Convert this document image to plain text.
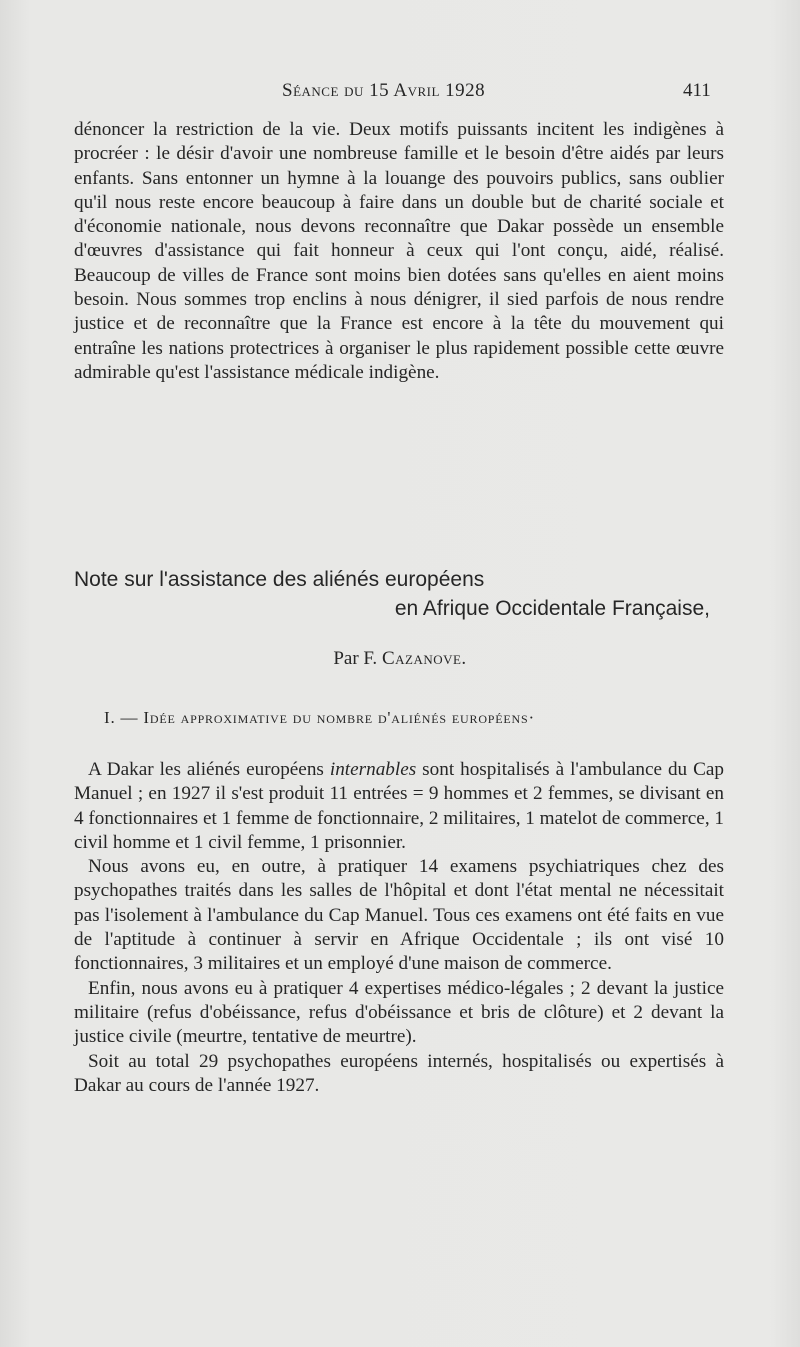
Séance du 15 Avril 1928	411

dénoncer la restriction de la vie. Deux motifs puissants incitent les indigènes à procréer : le désir d'avoir une nombreuse famille et le besoin d'être aidés par leurs enfants. Sans entonner un hymne à la louange des pouvoirs publics, sans oublier qu'il nous reste encore beaucoup à faire dans un double but de charité sociale et d'économie nationale, nous devons reconnaître que Dakar possède un ensemble d'œuvres d'assistance qui fait honneur à ceux qui l'ont conçu, aidé, réalisé. Beaucoup de villes de France sont moins bien dotées sans qu'elles en aient moins besoin. Nous sommes trop enclins à nous dénigrer, il sied parfois de nous rendre justice et de reconnaître que la France est encore à la tête du mouvement qui entraîne les nations protectrices à organiser le plus rapidement possible cette œuvre admirable qu'est l'assistance médicale indigène.

Note sur l'assistance des aliénés européens
en Afrique Occidentale Française,
Par F. Cazanove.
I. — Idée approximative du nombre d'aliénés européens·

A Dakar les aliénés européens internables sont hospitalisés à l'ambulance du Cap Manuel ; en 1927 il s'est produit 11 entrées = 9 hommes et 2 femmes, se divisant en 4 fonctionnaires et 1 femme de fonctionnaire, 2 militaires, 1 matelot de commerce, 1 civil homme et 1 civil femme, 1 prisonnier.

Nous avons eu, en outre, à pratiquer 14 examens psychiatriques chez des psychopathes traités dans les salles de l'hôpital et dont l'état mental ne nécessitait pas l'isolement à l'ambulance du Cap Manuel. Tous ces examens ont été faits en vue de l'aptitude à continuer à servir en Afrique Occidentale ; ils ont visé 10 fonctionnaires, 3 militaires et un employé d'une maison de commerce.

Enfin, nous avons eu à pratiquer 4 expertises médico-légales ; 2 devant la justice militaire (refus d'obéissance, refus d'obéissance et bris de clôture) et 2 devant la justice civile (meurtre, tentative de meurtre).

Soit au total 29 psychopathes européens internés, hospitalisés ou expertisés à Dakar au cours de l'année 1927.
